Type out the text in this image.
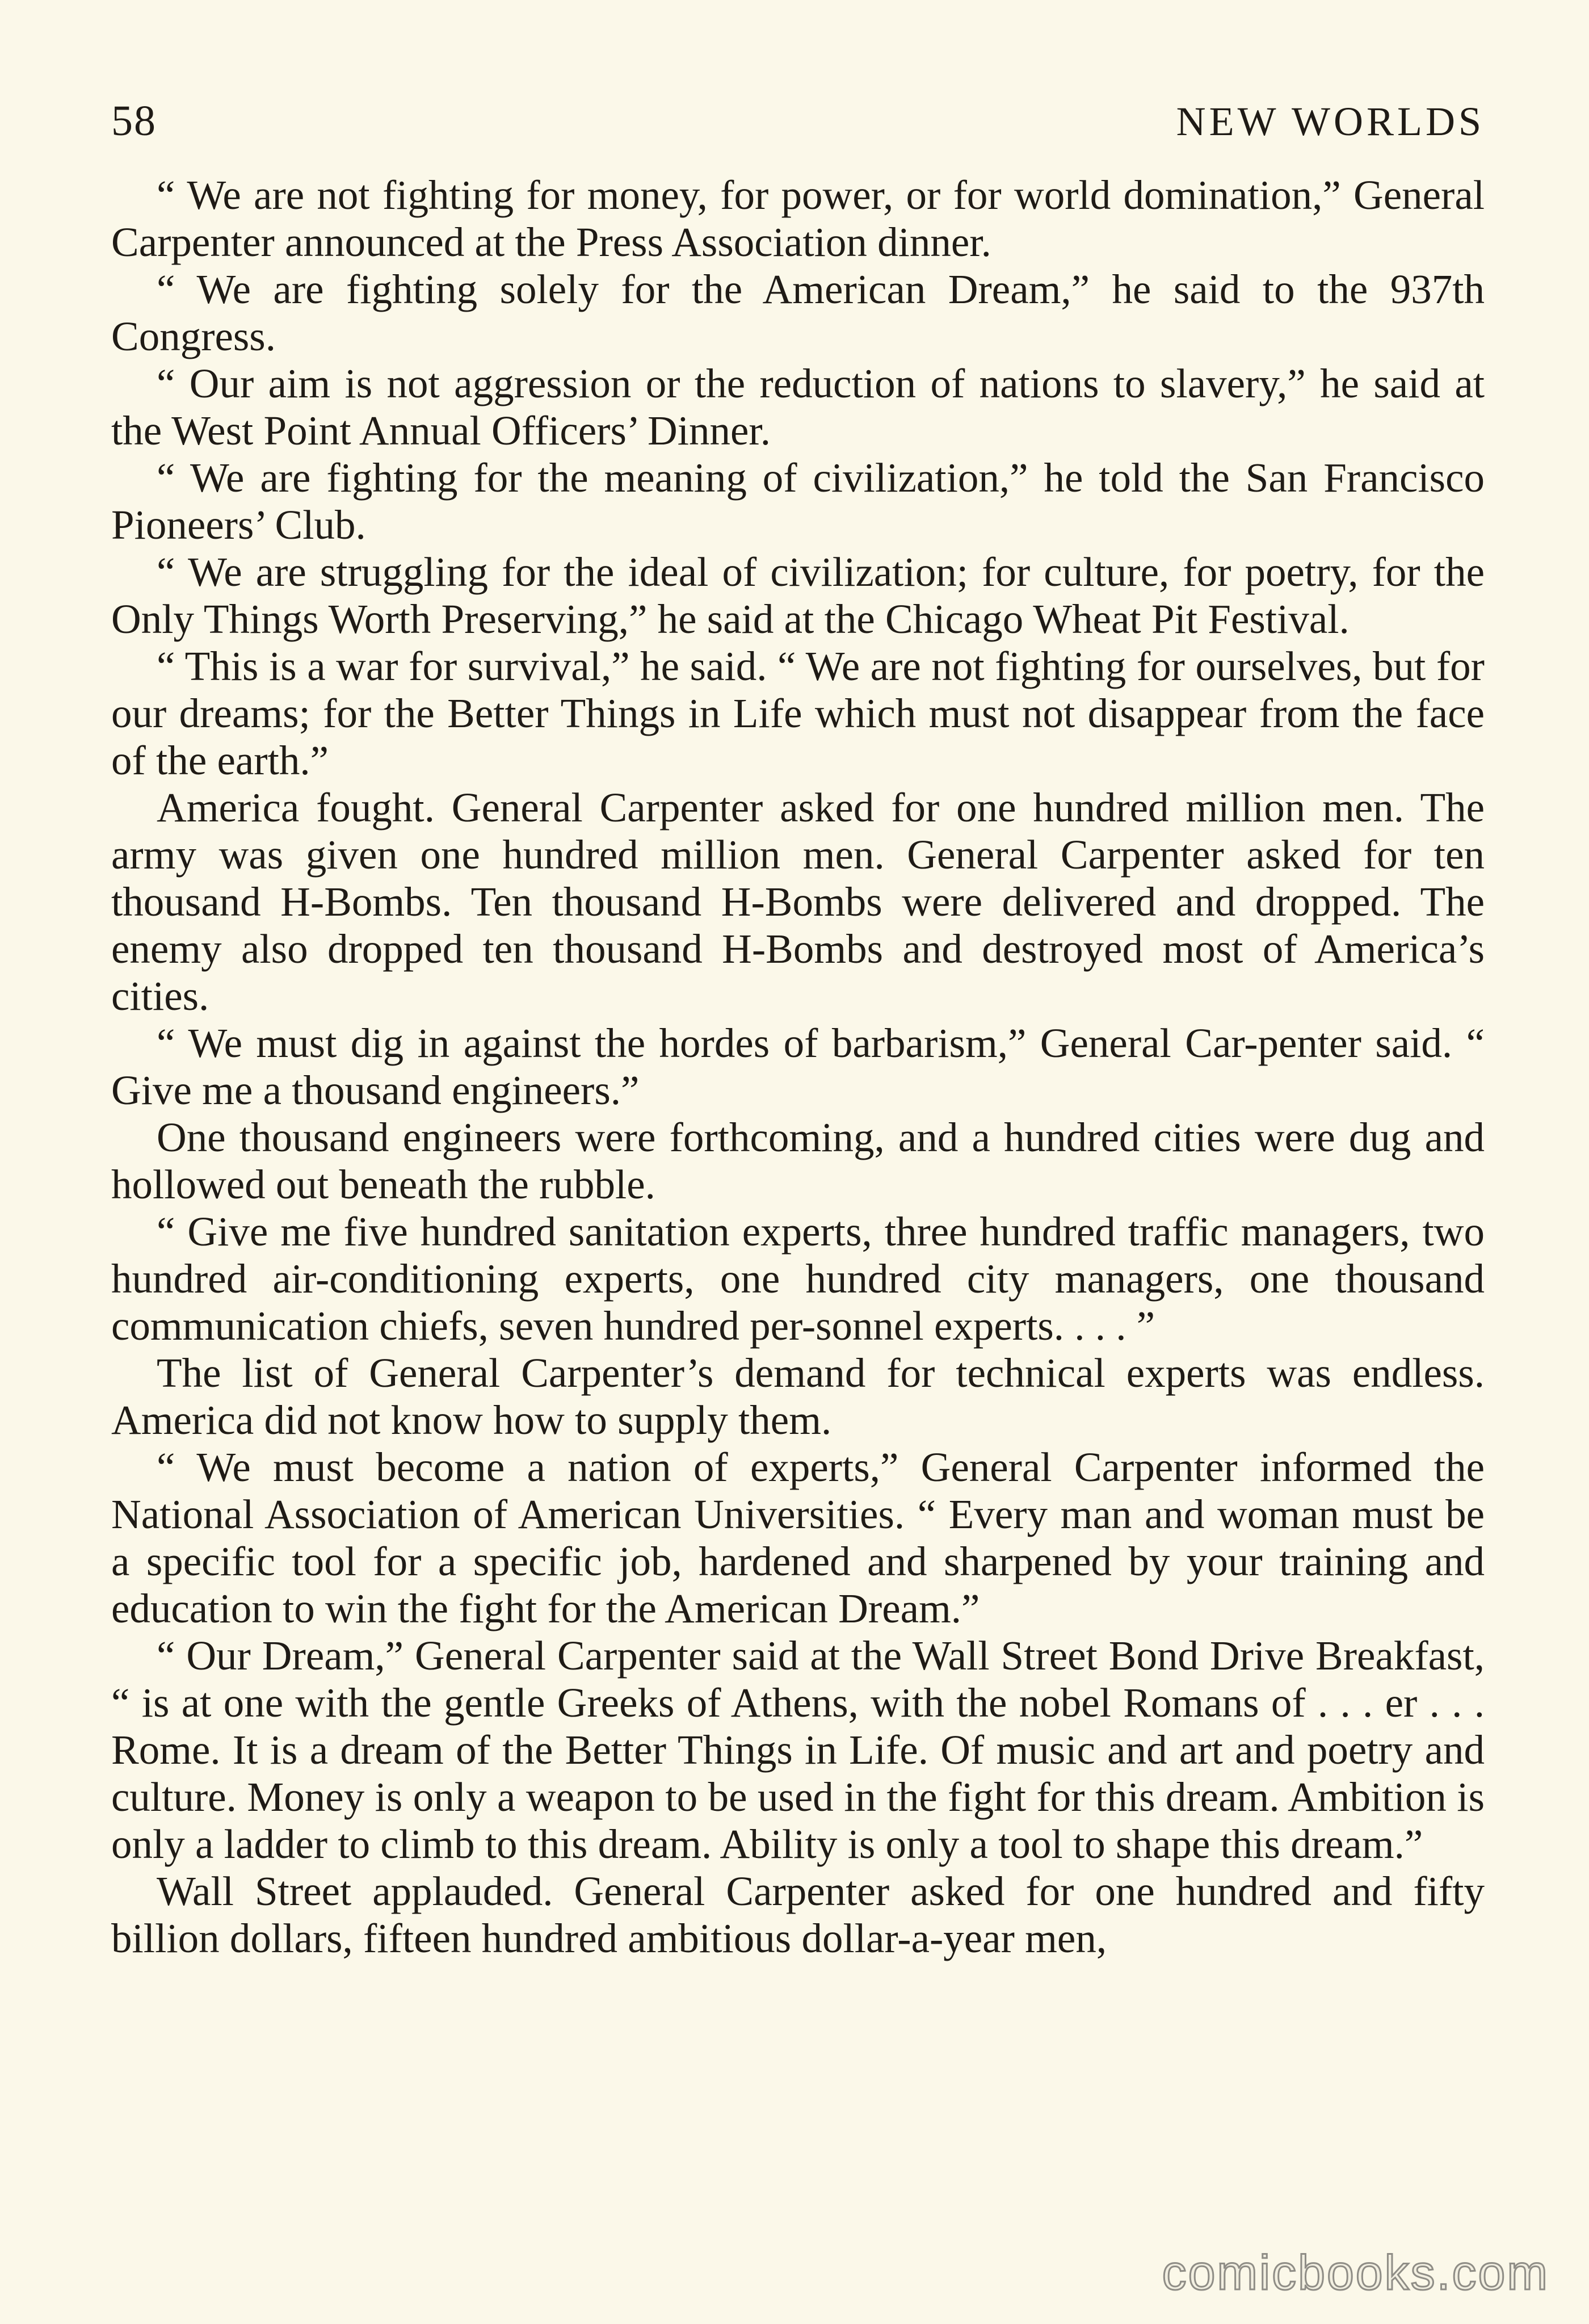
58	NEW WORLDS

“ We are not fighting for money, for power, or for world domination,” General Carpenter announced at the Press Association dinner.

“ We are fighting solely for the American Dream,” he said to the 937th Congress.

“ Our aim is not aggression or the reduction of nations to slavery,” he said at the West Point Annual Officers’ Dinner.

“ We are fighting for the meaning of civilization,” he told the San Francisco Pioneers’ Club.

“ We are struggling for the ideal of civilization; for culture, for poetry, for the Only Things Worth Preserving,” he said at the Chicago Wheat Pit Festival.

“ This is a war for survival,” he said. “ We are not fighting for ourselves, but for our dreams; for the Better Things in Life which must not disappear from the face of the earth.”

America fought. General Carpenter asked for one hundred million men. The army was given one hundred million men. General Carpenter asked for ten thousand H-Bombs. Ten thousand H-Bombs were delivered and dropped. The enemy also dropped ten thousand H-Bombs and destroyed most of America’s cities.

“ We must dig in against the hordes of barbarism,” General Car-penter said. “ Give me a thousand engineers.”

One thousand engineers were forthcoming, and a hundred cities were dug and hollowed out beneath the rubble.

“ Give me five hundred sanitation experts, three hundred traffic managers, two hundred air-conditioning experts, one hundred city managers, one thousand communication chiefs, seven hundred per-sonnel experts. . . . ”

The list of General Carpenter’s demand for technical experts was endless. America did not know how to supply them.

“ We must become a nation of experts,” General Carpenter informed the National Association of American Universities. “ Every man and woman must be a specific tool for a specific job, hardened and sharpened by your training and education to win the fight for the American Dream.”

“ Our Dream,” General Carpenter said at the Wall Street Bond Drive Breakfast, “ is at one with the gentle Greeks of Athens, with the nobel Romans of . . . er . . . Rome. It is a dream of the Better Things in Life. Of music and art and poetry and culture. Money is only a weapon to be used in the fight for this dream. Ambition is only a ladder to climb to this dream. Ability is only a tool to shape this dream.”

Wall Street applauded. General Carpenter asked for one hundred and fifty billion dollars, fifteen hundred ambitious dollar-a-year men,

comicbooks.com
